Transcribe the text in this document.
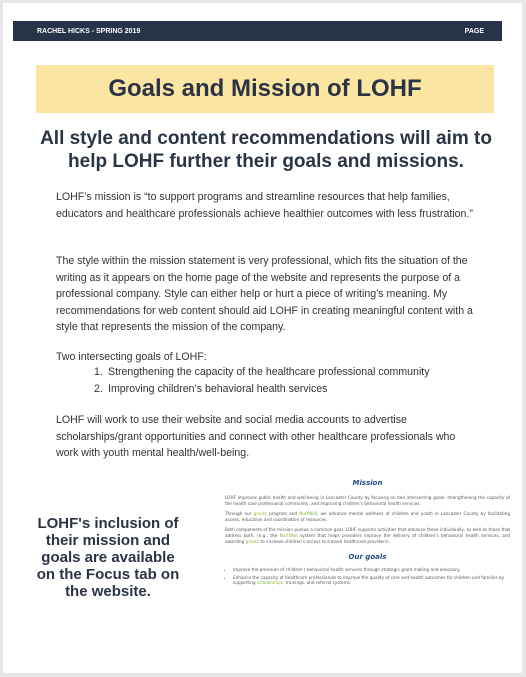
RACHEL HICKS - SPRING 2019	PAGE
Goals and Mission of LOHF

All style and content recommendations will aim to help LOHF further their goals and missions.

LOHF’s mission is “to support programs and streamline resources that help families, educators and healthcare professionals achieve healthier outcomes with less frustration.”

The style within the mission statement is very professional, which fits the situation of the writing as it appears on the home page of the website and represents the purpose of a professional company. Style can either help or hurt a piece of writing’s meaning. My recommendations for web content should aid LOHF in creating meaningful content with a style that represents the mission of the company.

Two intersecting goals of LOHF:

1. Strengthening the capacity of the healthcare professional community
2. Improving children’s behavioral health services

LOHF will work to use their website and social media accounts to advertise scholarships/grant opportunities and connect with other healthcare professionals who work with youth mental health/well-being.

LOHF's inclusion of their mission and goals are available on the Focus tab on the website.

Mission

LOHF improves public health and well-being in Lancaster County by focusing on two intersecting goals: strengthening the capacity of the health care professional community, and improving children's behavioral health services.

Through our grants program and NurtWell, we advance mental wellness of children and youth in Lancaster County by facilitating access, education and coordination of resources.

Both components of the mission pursue a common goal. LOHF supports activities that advance these individually, as well as those that address both, (e.g., the NurtWell system that helps providers improve the delivery of children's behavioral health services, and awarding grants to increase children's access to trained healthcare providers).

Our goals
• Improve the provision of children's behavioral health services through strategic grant making and advocacy.
• Enhance the capacity of healthcare professionals to improve the quality of care and health outcomes for children and families by supporting scholarships, trainings, and referral systems.
